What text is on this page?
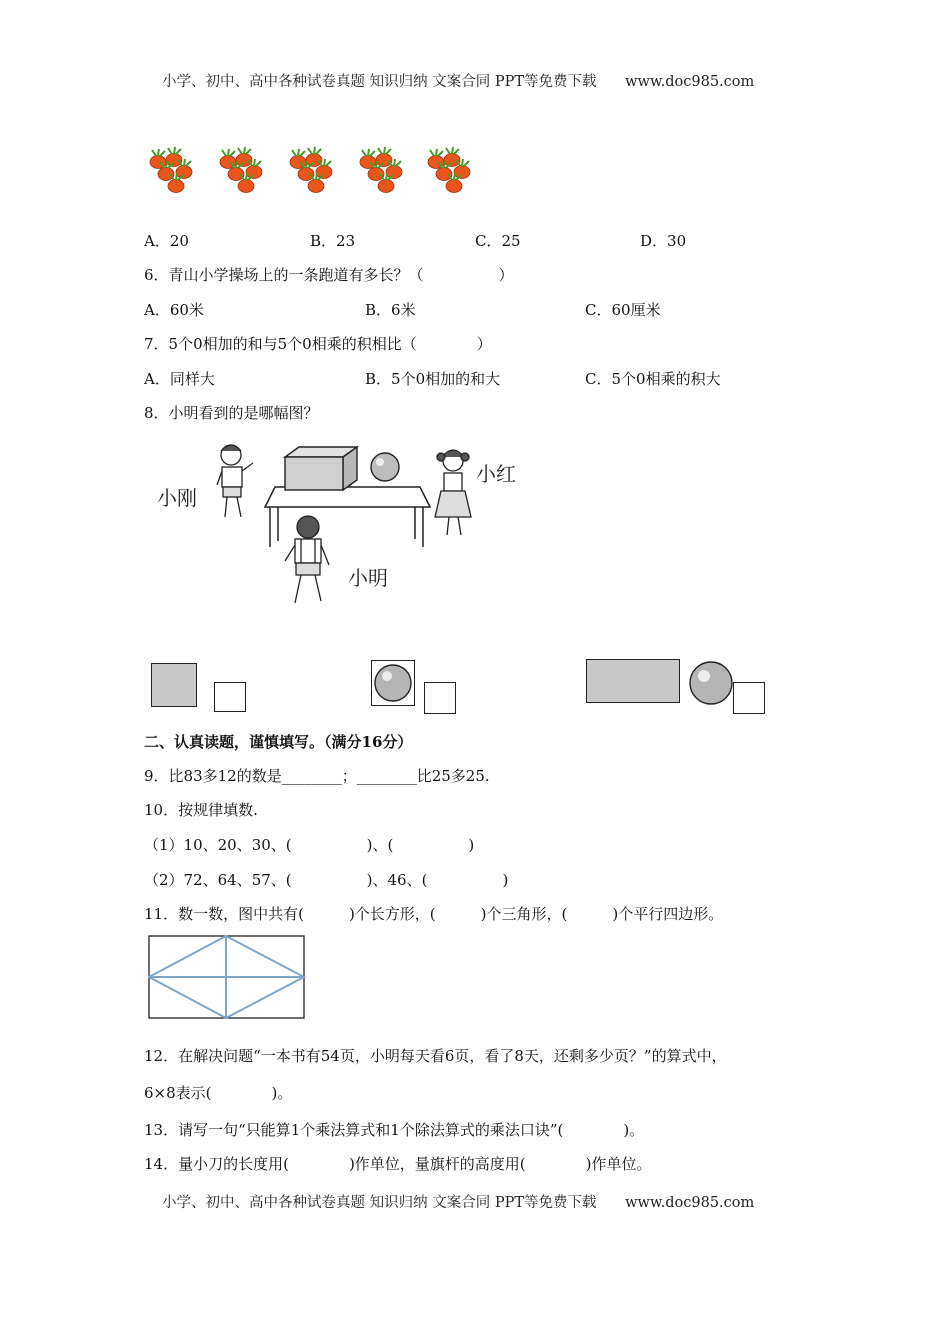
小学、初中、高中各种试卷真题 知识归纳 文案合同 PPT等免费下载 www.doc985.com
A．20	B．23	C．25	D．30
6．青山小学操场上的一条跑道有多长？（　　　　　）
A．60米	B．6米	C．60厘米
7．5个0相加的和与5个0相乘的积相比（　　　　）
A．同样大	B．5个0相加的和大	C．5个0相乘的积大
8．小明看到的是哪幅图？
小刚
小红
小明
二、认真读题，谨慎填写。（满分16分）
9．比83多12的数是________；________比25多25.
10．按规律填数.
（1）10、20、30、(　　　　　)、(　　　　　)
（2）72、64、57、(　　　　　)、46、(　　　　　)
11．数一数，图中共有(　　　)个长方形，(　　　)个三角形，(　　　)个平行四边形。
12．在解决问题“一本书有54页，小明每天看6页，看了8天，还剩多少页？”的算式中，
6×8表示(　　　　)。
13．请写一句“只能算1个乘法算式和1个除法算式的乘法口诀”(　　　　)。
14．量小刀的长度用(　　　　)作单位，量旗杆的高度用(　　　　)作单位。
小学、初中、高中各种试卷真题 知识归纳 文案合同 PPT等免费下载 www.doc985.com
